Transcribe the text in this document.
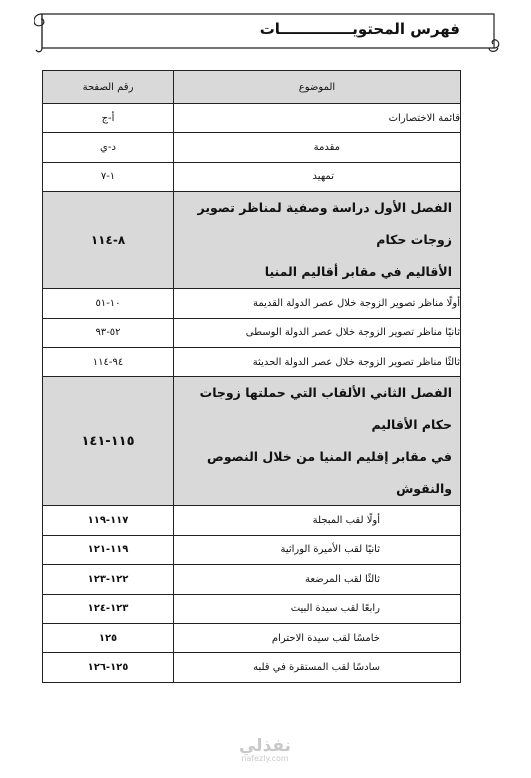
فهرس المحتويــــــــــــــات
الموضوع	رقم الصفحة
قائمة الاختصارات	أ-ج
مقدمة	د-ي
تمهيد	١-٧

الفصل الأول دراسة وصفية لمناظر تصوير زوجات حكام
الأقاليم في مقابر أقاليم المنيا	٨-١١٤
أولًا مناظر تصوير الزوجة خلال عصر الدولة القديمة	١٠-٥١
ثانيًا مناظر تصوير الزوجة خلال عصر الدولة الوسطى	٥٢-٩٣
ثالثًا مناظر تصوير الزوجة خلال عصر الدولة الحديثة	٩٤-١١٤

الفصل الثاني الألقاب التي حملتها زوجات حكام الأقاليم
في مقابر إقليم المنيا من خلال النصوص والنقوش	١١٥-١٤١
أولًا لقب المبجلة	١١٧-١١٩
ثانيًا لقب الأميرة الوراثية	١١٩-١٢١
ثالثًا لقب المرضعة	١٢٢-١٢٣
رابعًا لقب سيدة البيت	١٢٣-١٢٤
خامسًا لقب سيدة الاحترام	١٢٥
سادسًا لقب المستقرة في قلبه	١٢٥-١٢٦
نفذلي
nafezly.com
